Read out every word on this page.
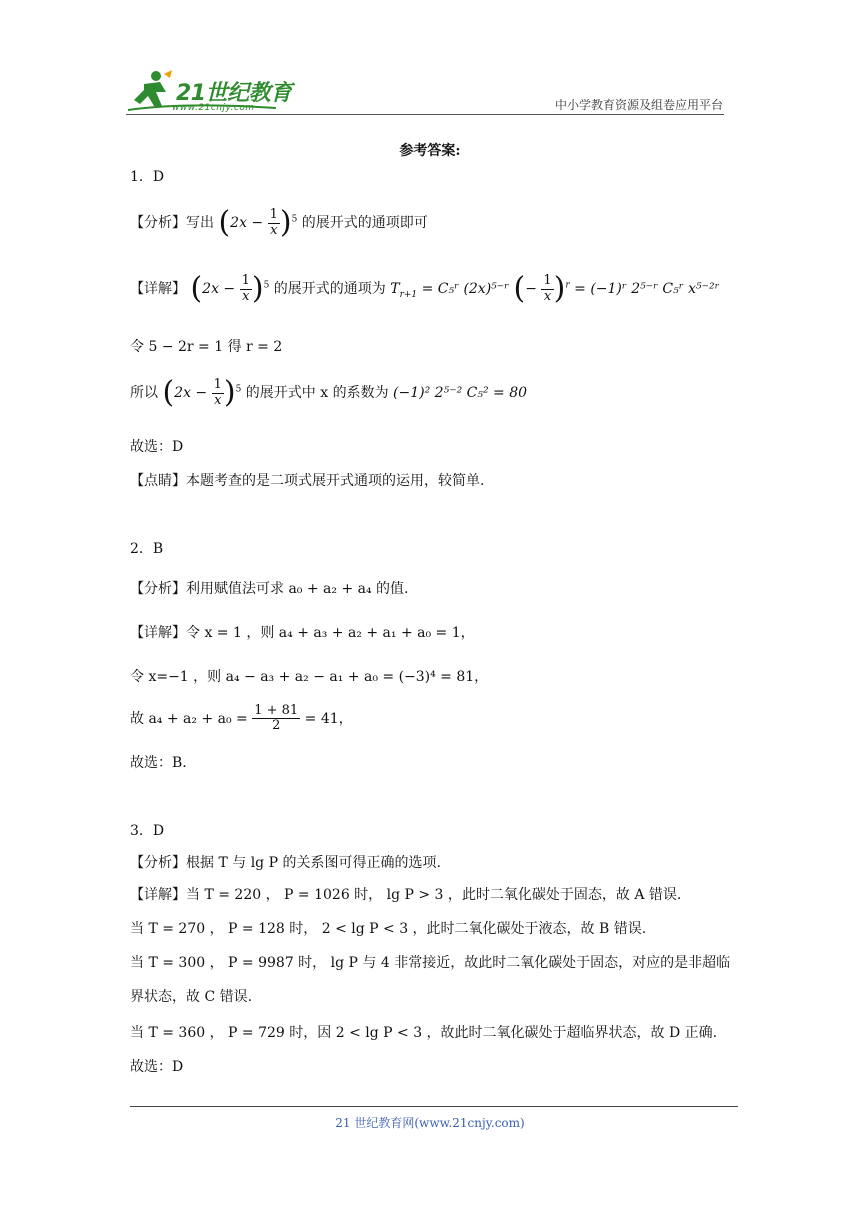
21世纪教育
www.21cnjy.com	中小学教育资源及组卷应用平台
参考答案:
1．D
【分析】写出 $(2x - \frac{1}{x} )^5$ 的展开式的通项即可
【详解】 $(2x - \frac{1}{x} )^5$ 的展开式的通项为 $T_{r+1}$ = C₅ʳ (2x)⁵⁻ʳ (− $\frac{1}{x} )^r$ = (−1)ʳ 2⁵⁻ʳ C₅ʳ x⁵⁻²ʳ
令 5 − 2r = 1 得 r = 2
所以 $(2x - \frac{1}{x} )^5$ 的展开式中 x 的系数为 (−1)² 2⁵⁻² C₅² = 80
故选：D
【点睛】本题考查的是二项式展开式通项的运用，较简单.
2．B
【分析】利用赋值法可求 a₀ + a₂ + a₄ 的值.
【详解】令 x = 1 ，则 a₄ + a₃ + a₂ + a₁ + a₀ = 1，
令 x=−1 ，则 a₄ − a₃ + a₂ − a₁ + a₀ = (−3)⁴ = 81，
故 $a_4 + a_2 + a_0 = \frac{1 + 81}{2} = 41$，
故选：B.
3．D
【分析】根据 T 与 lg P 的关系图可得正确的选项.
【详解】当 T = 220 ， P = 1026 时， lg P > 3 ，此时二氧化碳处于固态，故 A 错误.
当 T = 270 ， P = 128 时， 2 < lg P < 3 ，此时二氧化碳处于液态，故 B 错误.
当 T = 300 ， P = 9987 时， lg P 与 4 非常接近，故此时二氧化碳处于固态，对应的是非超临
界状态，故 C 错误.
当 T = 360 ， P = 729 时，因 2 < lg P < 3 ，故此时二氧化碳处于超临界状态，故 D 正确.
故选：D
21 世纪教育网(www.21cnjy.com)
